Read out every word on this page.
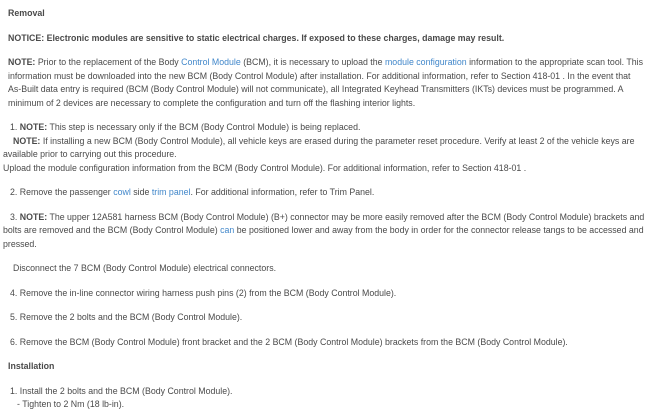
Removal

NOTICE: Electronic modules are sensitive to static electrical charges. If exposed to these charges, damage may result.

NOTE: Prior to the replacement of the Body Control Module (BCM), it is necessary to upload the module configuration information to the appropriate scan tool. This information must be downloaded into the new BCM (Body Control Module) after installation. For additional information, refer to Section 418-01 . In the event that As-Built data entry is required (BCM (Body Control Module) will not communicate), all Integrated Keyhead Transmitters (IKTs) devices must be programmed. A minimum of 2 devices are necessary to complete the configuration and turn off the flashing interior lights.

1. NOTE: This step is necessary only if the BCM (Body Control Module) is being replaced.

NOTE: If installing a new BCM (Body Control Module), all vehicle keys are erased during the parameter reset procedure. Verify at least 2 of the vehicle keys are available prior to carrying out this procedure.

Upload the module configuration information from the BCM (Body Control Module). For additional information, refer to Section 418-01 .

2. Remove the passenger cowl side trim panel. For additional information, refer to Trim Panel.

3. NOTE: The upper 12A581 harness BCM (Body Control Module) (B+) connector may be more easily removed after the BCM (Body Control Module) brackets and bolts are removed and the BCM (Body Control Module) can be positioned lower and away from the body in order for the connector release tangs to be accessed and pressed.

Disconnect the 7 BCM (Body Control Module) electrical connectors.

4. Remove the in-line connector wiring harness push pins (2) from the BCM (Body Control Module).

5. Remove the 2 bolts and the BCM (Body Control Module).

6. Remove the BCM (Body Control Module) front bracket and the 2 BCM (Body Control Module) brackets from the BCM (Body Control Module).

Installation

1. Install the 2 bolts and the BCM (Body Control Module).

- Tighten to 2 Nm (18 lb-in).
